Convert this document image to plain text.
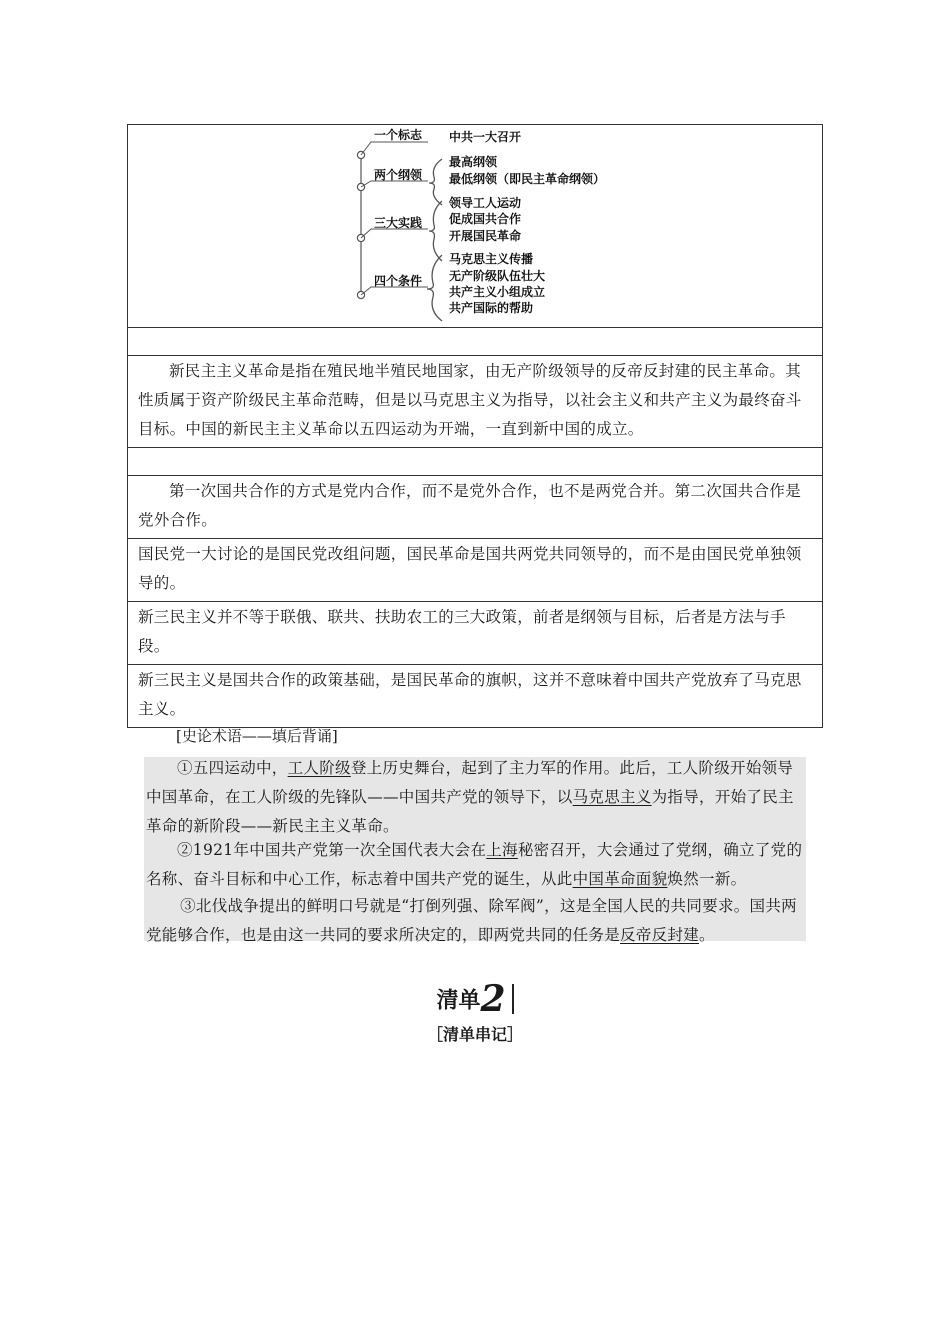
一个标志
两个纲领
三大实践
四个条件
中共一大召开
最高纲领
最低纲领（即民主革命纲领）
领导工人运动
促成国共合作
开展国民革命
马克思主义传播
无产阶级队伍壮大
共产主义小组成立
共产国际的帮助
新民主主义革命是指在殖民地半殖民地国家，由无产阶级领导的反帝反封建的民主革命。其性质属于资产阶级民主革命范畴，但是以马克思主义为指导，以社会主义和共产主义为最终奋斗目标。中国的新民主主义革命以五四运动为开端，一直到新中国的成立。
第一次国共合作的方式是党内合作，而不是党外合作，也不是两党合并。第二次国共合作是党外合作。
国民党一大讨论的是国民党改组问题，国民革命是国共两党共同领导的，而不是由国民党单独领导的。
新三民主义并不等于联俄、联共、扶助农工的三大政策，前者是纲领与目标，后者是方法与手段。
新三民主义是国共合作的政策基础，是国民革命的旗帜，这并不意味着中国共产党放弃了马克思主义。
[史论术语——填后背诵]
①五四运动中，工人阶级登上历史舞台，起到了主力军的作用。此后，工人阶级开始领导中国革命，在工人阶级的先锋队——中国共产党的领导下，以马克思主义为指导，开始了民主革命的新阶段——新民主主义革命。
②1921年中国共产党第一次全国代表大会在上海秘密召开，大会通过了党纲，确立了党的名称、奋斗目标和中心工作，标志着中国共产党的诞生，从此中国革命面貌焕然一新。
③北伐战争提出的鲜明口号就是“打倒列强、除军阀”，这是全国人民的共同要求。国共两党能够合作，也是由这一共同的要求所决定的，即两党共同的任务是反帝反封建。
清单2
［清单串记］
